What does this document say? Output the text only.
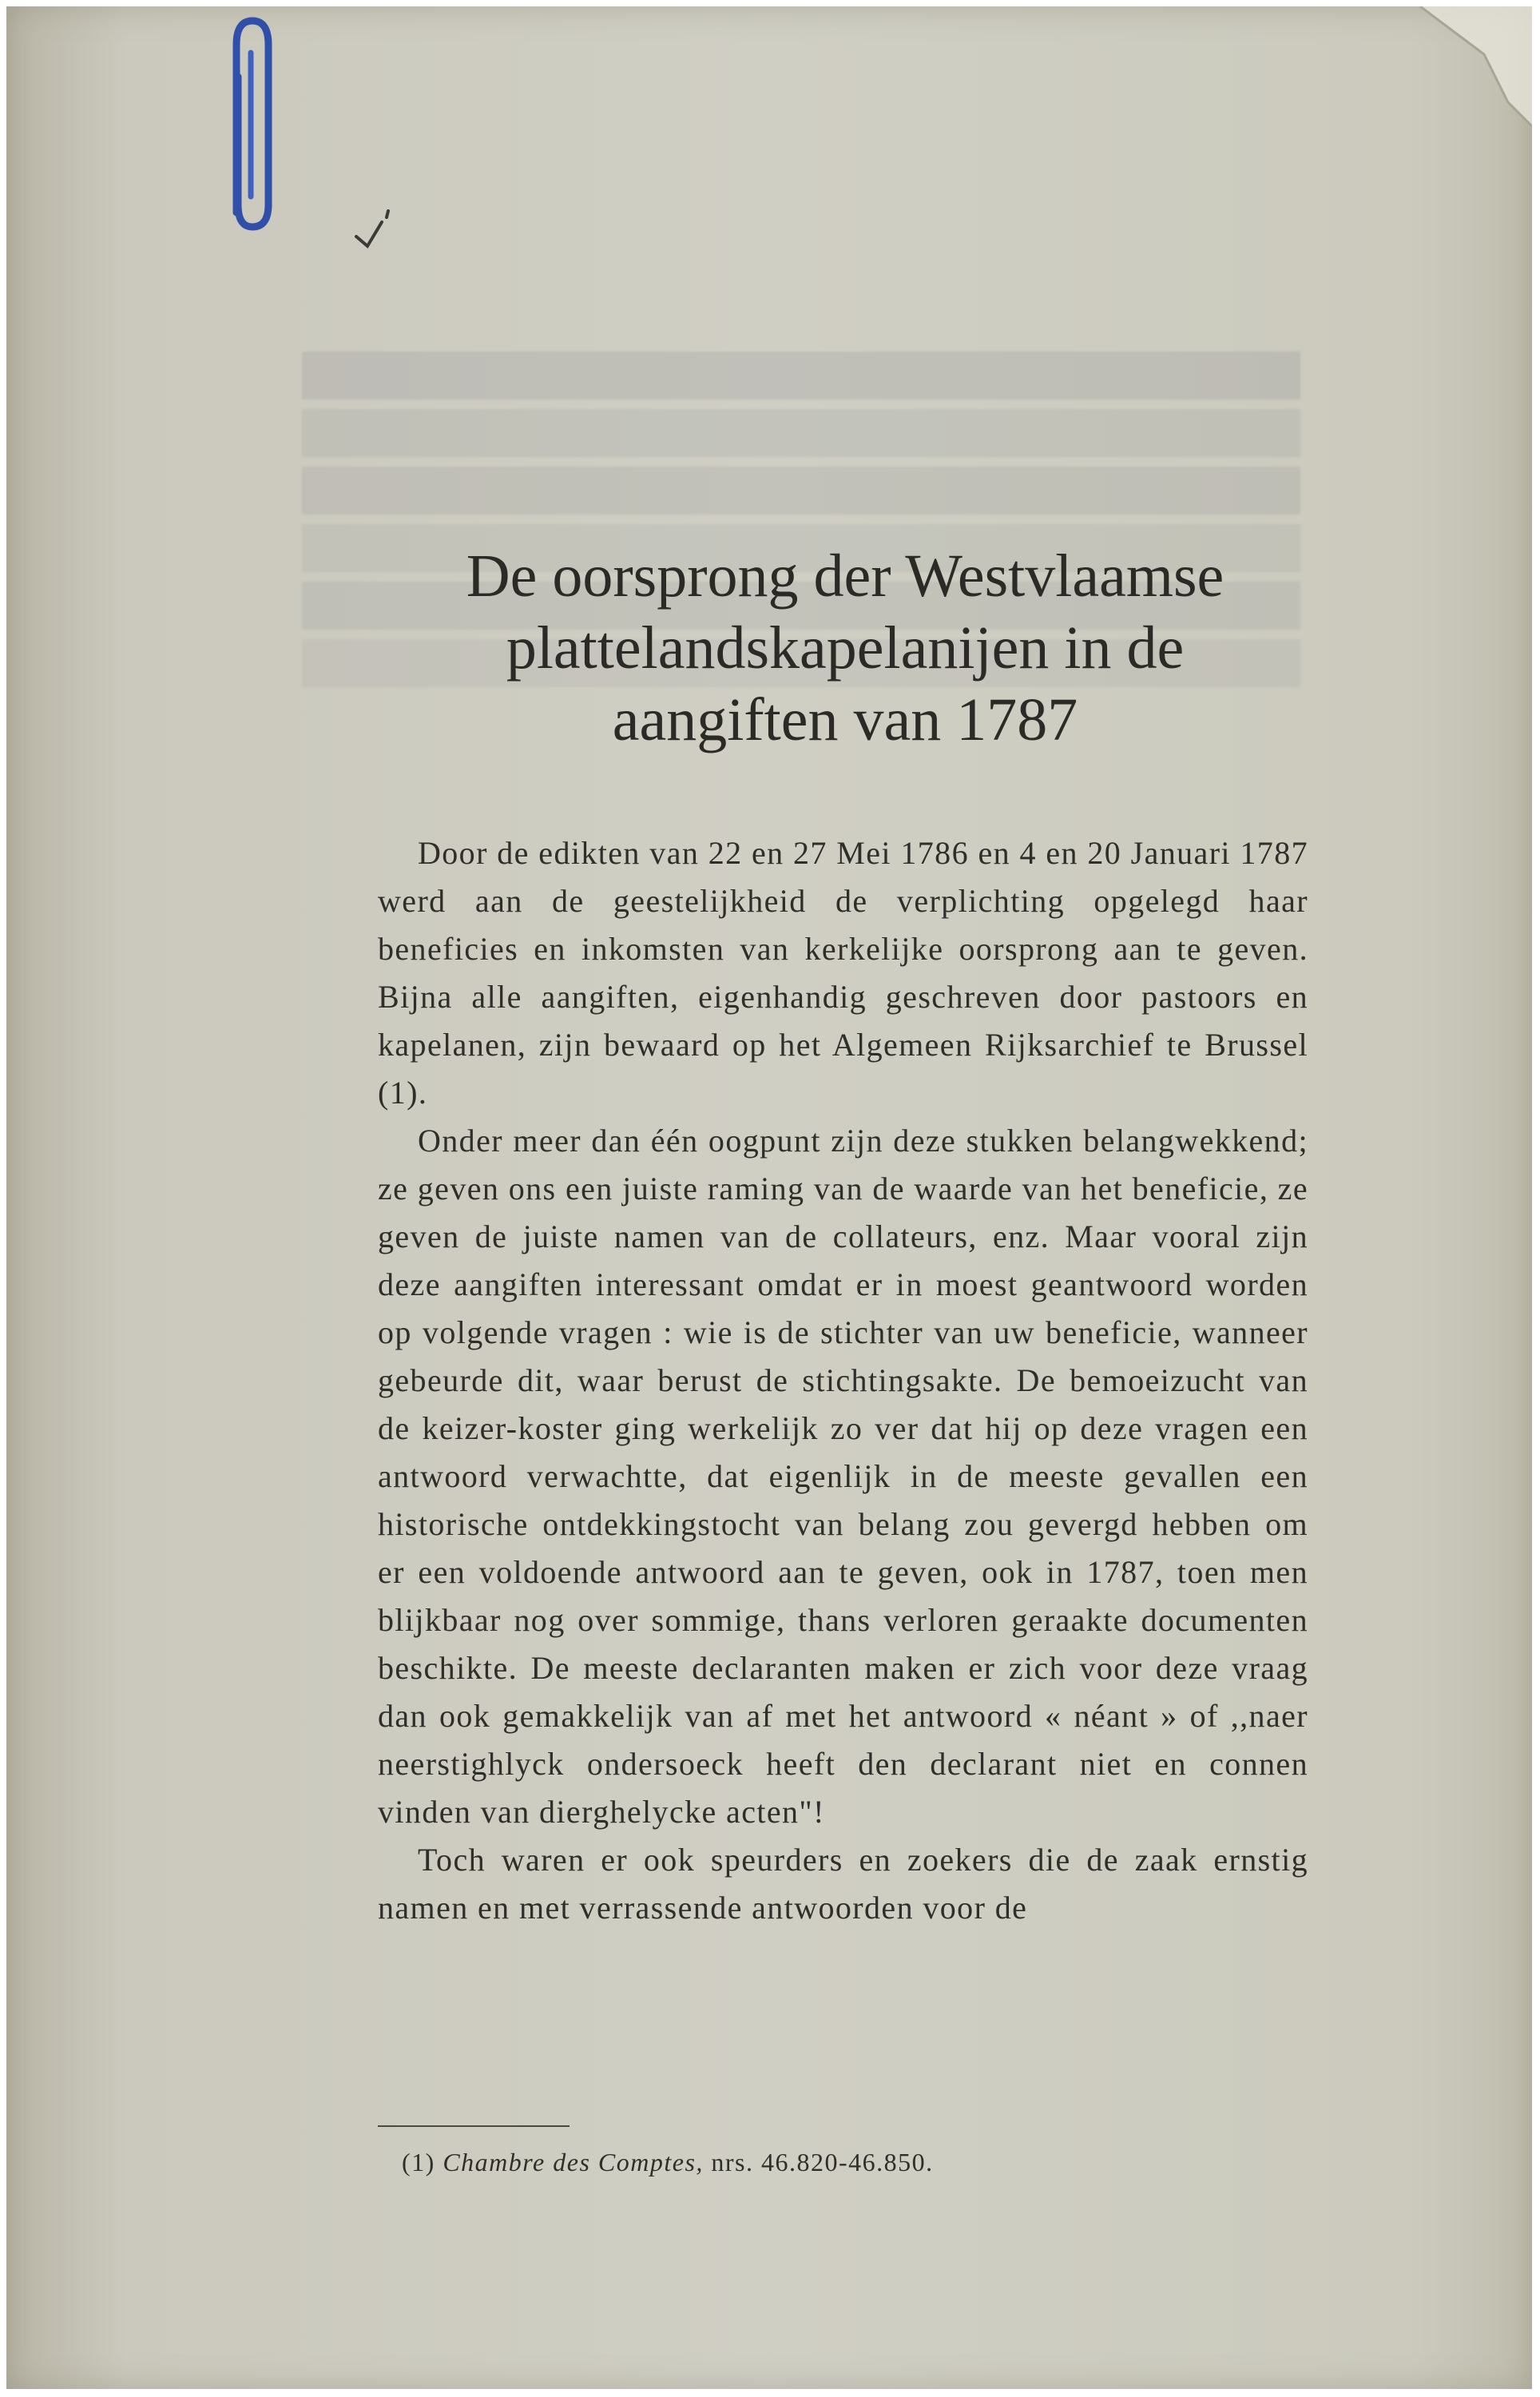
De oorsprong der Westvlaamse
plattelandskapelanijen in de
aangiften van 1787

Door de edikten van 22 en 27 Mei 1786 en 4 en 20 Januari 1787 werd aan de geestelijkheid de verplichting opgelegd haar beneficies en inkomsten van kerkelijke oorsprong aan te geven. Bijna alle aangiften, eigenhandig geschreven door pastoors en kapelanen, zijn bewaard op het Algemeen Rijksarchief te Brussel (1).

Onder meer dan één oogpunt zijn deze stukken belangwekkend; ze geven ons een juiste raming van de waarde van het beneficie, ze geven de juiste namen van de collateurs, enz. Maar vooral zijn deze aangiften interessant omdat er in moest geantwoord worden op volgende vragen : wie is de stichter van uw beneficie, wanneer gebeurde dit, waar berust de stichtingsakte. De bemoeizucht van de keizer-koster ging werkelijk zo ver dat hij op deze vragen een antwoord verwachtte, dat eigenlijk in de meeste gevallen een historische ontdekkingstocht van belang zou gevergd hebben om er een voldoende antwoord aan te geven, ook in 1787, toen men blijkbaar nog over sommige, thans verloren geraakte documenten beschikte. De meeste declaranten maken er zich voor deze vraag dan ook gemakkelijk van af met het antwoord « néant » of ,,naer neerstighlyck ondersoeck heeft den declarant niet en connen vinden van dierghelycke acten"!

Toch waren er ook speurders en zoekers die de zaak ernstig namen en met verrassende antwoorden voor de

(1) Chambre des Comptes, nrs. 46.820-46.850.
